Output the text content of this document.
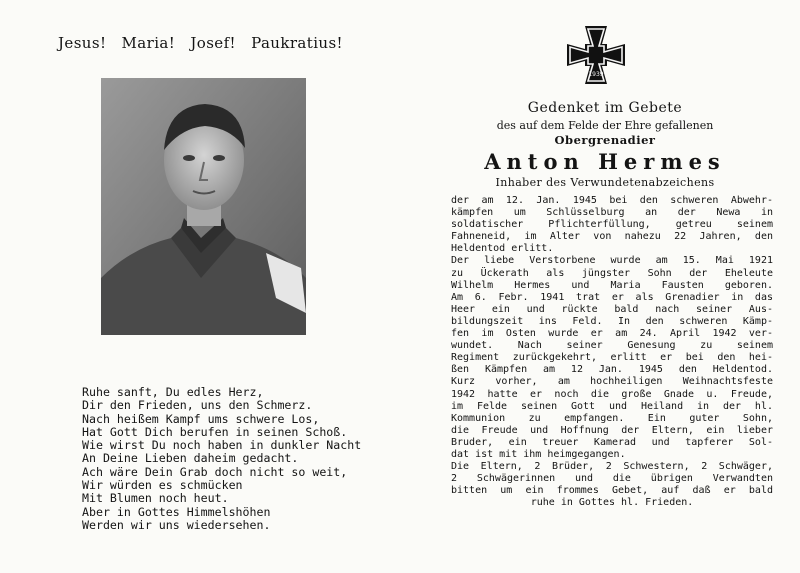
Jesus! Maria! Josef! Paukratius!
Ruhe sanft, Du edles Herz,
Dir den Frieden, uns den Schmerz.
Nach heißem Kampf ums schwere Los,
Hat Gott Dich berufen in seinen Schoß.
Wie wirst Du noch haben in dunkler Nacht
An Deine Lieben daheim gedacht.
Ach wäre Dein Grab doch nicht so weit,
Wir würden es schmücken
Mit Blumen noch heut.
Aber in Gottes Himmelshöhen
Werden wir uns wiedersehen.
1939
Gedenket im Gebete
des auf dem Felde der Ehre gefallenen
Obergrenadier
Anton Hermes
Inhaber des Verwundetenabzeichens
der am 12. Jan. 1945 bei den schweren Abwehr-
kämpfen um Schlüsselburg an der Newa in
soldatischer Pflichterfüllung, getreu seinem
Fahneneid, im Alter von nahezu 22 Jahren, den
Heldentod erlitt.
Der liebe Verstorbene wurde am 15. Mai 1921
zu Ückerath als jüngster Sohn der Eheleute
Wilhelm Hermes und Maria Fausten geboren.
Am 6. Febr. 1941 trat er als Grenadier in das
Heer ein und rückte bald nach seiner Aus-
bildungszeit ins Feld. In den schweren Kämp-
fen im Osten wurde er am 24. April 1942 ver-
wundet. Nach seiner Genesung zu seinem
Regiment zurückgekehrt, erlitt er bei den hei-
ßen Kämpfen am 12 Jan. 1945 den Heldentod.
Kurz vorher, am hochheiligen Weihnachtsfeste
1942 hatte er noch die große Gnade u. Freude,
im Felde seinen Gott und Heiland in der hl.
Kommunion zu empfangen. Ein guter Sohn,
die Freude und Hoffnung der Eltern, ein lieber
Bruder, ein treuer Kamerad und tapferer Sol-
dat ist mit ihm heimgegangen.
Die Eltern, 2 Brüder, 2 Schwestern, 2 Schwäger,
2 Schwägerinnen und die übrigen Verwandten
bitten um ein frommes Gebet, auf daß er bald
ruhe in Gottes hl. Frieden.
